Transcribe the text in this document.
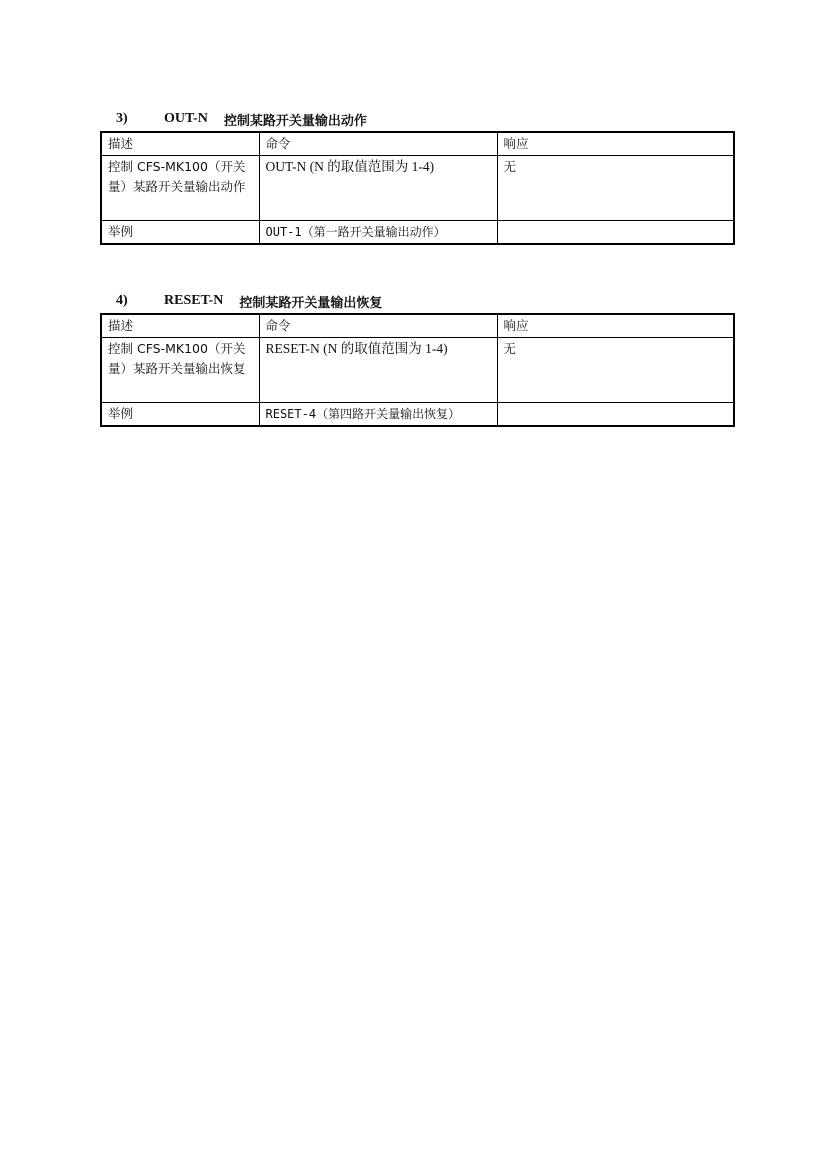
3)	OUT-N 控制某路开关量输出动作
描述	命令	响应
控制 CFS-MK100（开关量）某路开关量输出动作	OUT-N (N 的取值范围为 1-4)	无
举例	OUT-1（第一路开关量输出动作）	
4)	RESET-N 控制某路开关量输出恢复
描述	命令	响应
控制 CFS-MK100（开关量）某路开关量输出恢复	RESET-N (N 的取值范围为 1-4)	无
举例	RESET-4（第四路开关量输出恢复）	
